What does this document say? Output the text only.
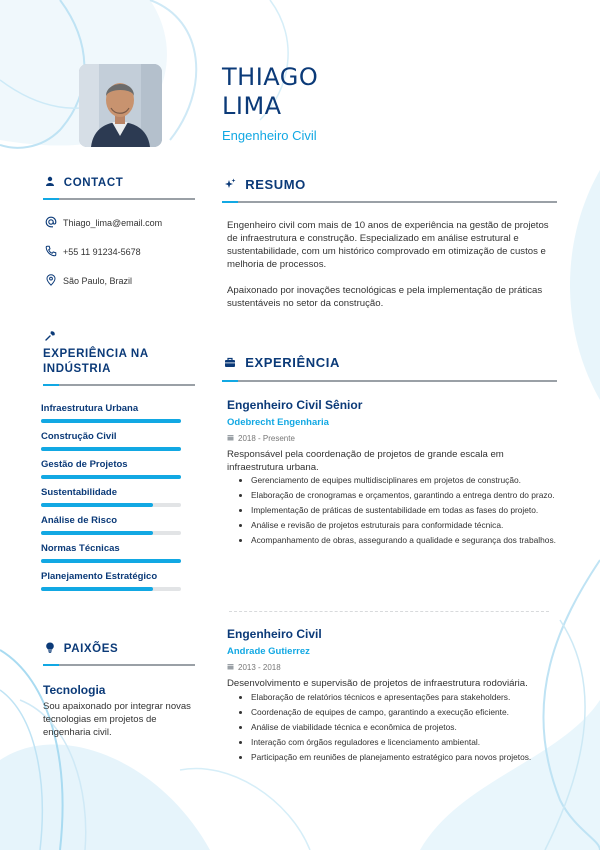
THIAGO
LIMA
Engenheiro Civil
CONTACT
Thiago_lima@email.com
+55 11 91234-5678
São Paulo, Brazil
EXPERIÊNCIA NA
INDÚSTRIA
Infraestrutura Urbana
Construção Civil
Gestão de Projetos
Sustentabilidade
Análise de Risco
Normas Técnicas
Planejamento Estratégico
PAIXÕES
Tecnologia
Sou apaixonado por integrar novas tecnologias em projetos de engenharia civil.
RESUMO

Engenheiro civil com mais de 10 anos de experiência na gestão de projetos de infraestrutura e construção. Especializado em análise estrutural e sustentabilidade, com um histórico comprovado em otimização de custos e melhoria de processos.

Apaixonado por inovações tecnológicas e pela implementação de práticas sustentáveis no setor da construção.

EXPERIÊNCIA
Engenheiro Civil Sênior
Odebrecht Engenharia
2018 - Presente
Responsável pela coordenação de projetos de grande escala em infraestrutura urbana.
Gerenciamento de equipes multidisciplinares em projetos de construção.
Elaboração de cronogramas e orçamentos, garantindo a entrega dentro do prazo.
Implementação de práticas de sustentabilidade em todas as fases do projeto.
Análise e revisão de projetos estruturais para conformidade técnica.
Acompanhamento de obras, assegurando a qualidade e segurança dos trabalhos.
Engenheiro Civil
Andrade Gutierrez
2013 - 2018
Desenvolvimento e supervisão de projetos de infraestrutura rodoviária.
Elaboração de relatórios técnicos e apresentações para stakeholders.
Coordenação de equipes de campo, garantindo a execução eficiente.
Análise de viabilidade técnica e econômica de projetos.
Interação com órgãos reguladores e licenciamento ambiental.
Participação em reuniões de planejamento estratégico para novos projetos.
